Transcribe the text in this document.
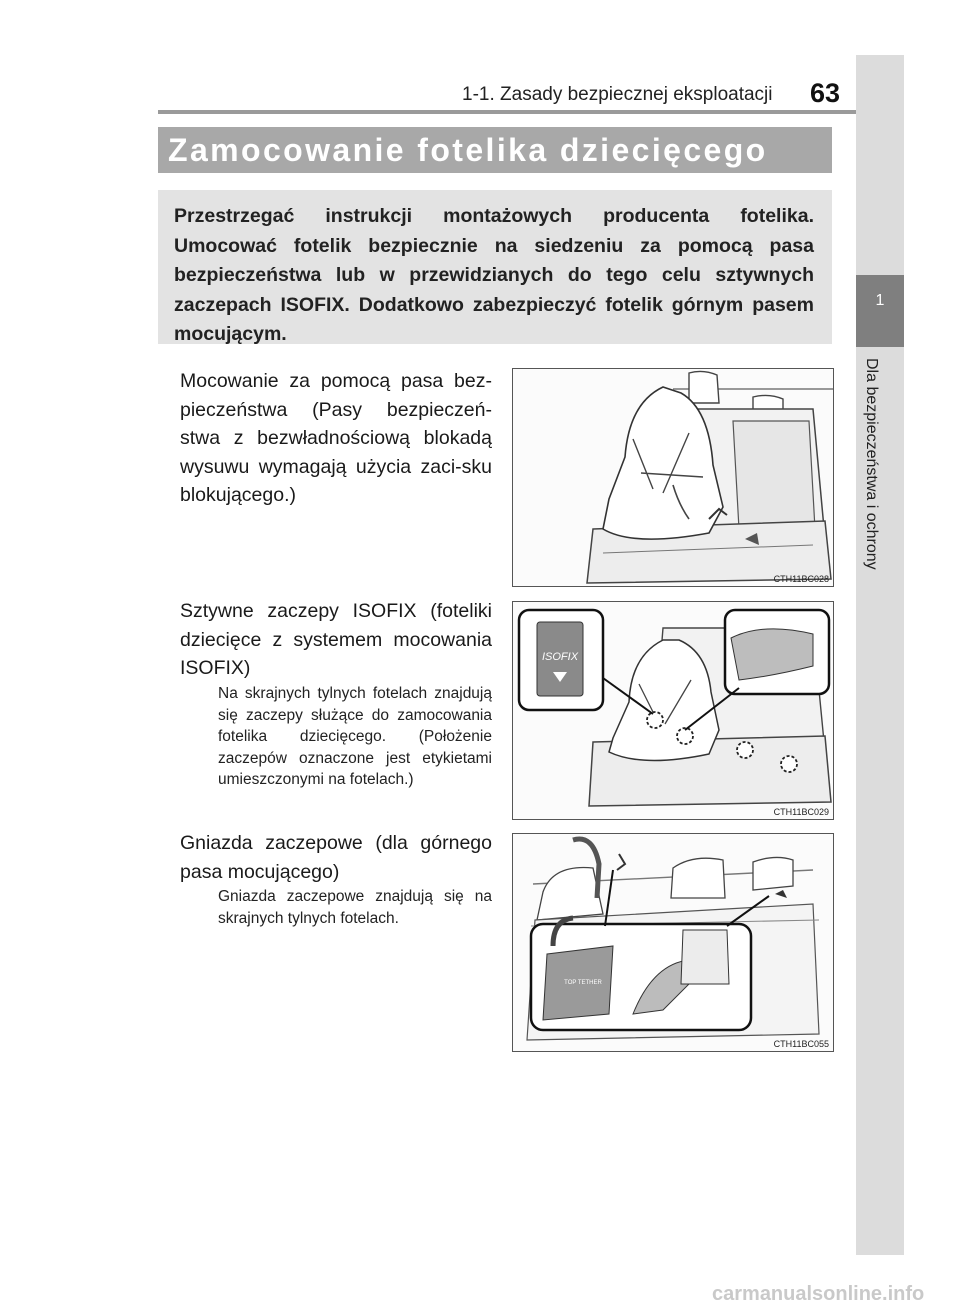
1-1. Zasady bezpiecznej eksploatacji	63
1
Dla bezpieczeństwa i ochrony
Zamocowanie fotelika dziecięcego

Przestrzegać instrukcji montażowych producenta fotelika. Umocować fotelik bezpiecznie na siedzeniu za pomocą pasa bezpieczeństwa lub w przewidzianych do tego celu sztywnych zaczepach ISOFIX. Dodatkowo zabezpieczyć fotelik górnym pasem mocującym.

Mocowanie za pomocą pasa bez-pieczeństwa (Pasy bezpieczeń-stwa z bezwładnościową blokadą wysuwu wymagają użycia zaci-sku blokującego.)

CTH11BC028

Sztywne zaczepy ISOFIX (foteliki dziecięce z systemem mocowania ISOFIX)

Na skrajnych tylnych fotelach znajdują się zaczepy służące do zamocowania fotelika dziecięcego. (Położenie zaczepów oznaczone jest etykietami umieszczonymi na fotelach.)

ISOFIX
CTH11BC029

Gniazda zaczepowe (dla górnego pasa mocującego)

Gniazda zaczepowe znajdują się na skrajnych tylnych fotelach.

TOP TETHER
CTH11BC055
carmanualsonline.info
